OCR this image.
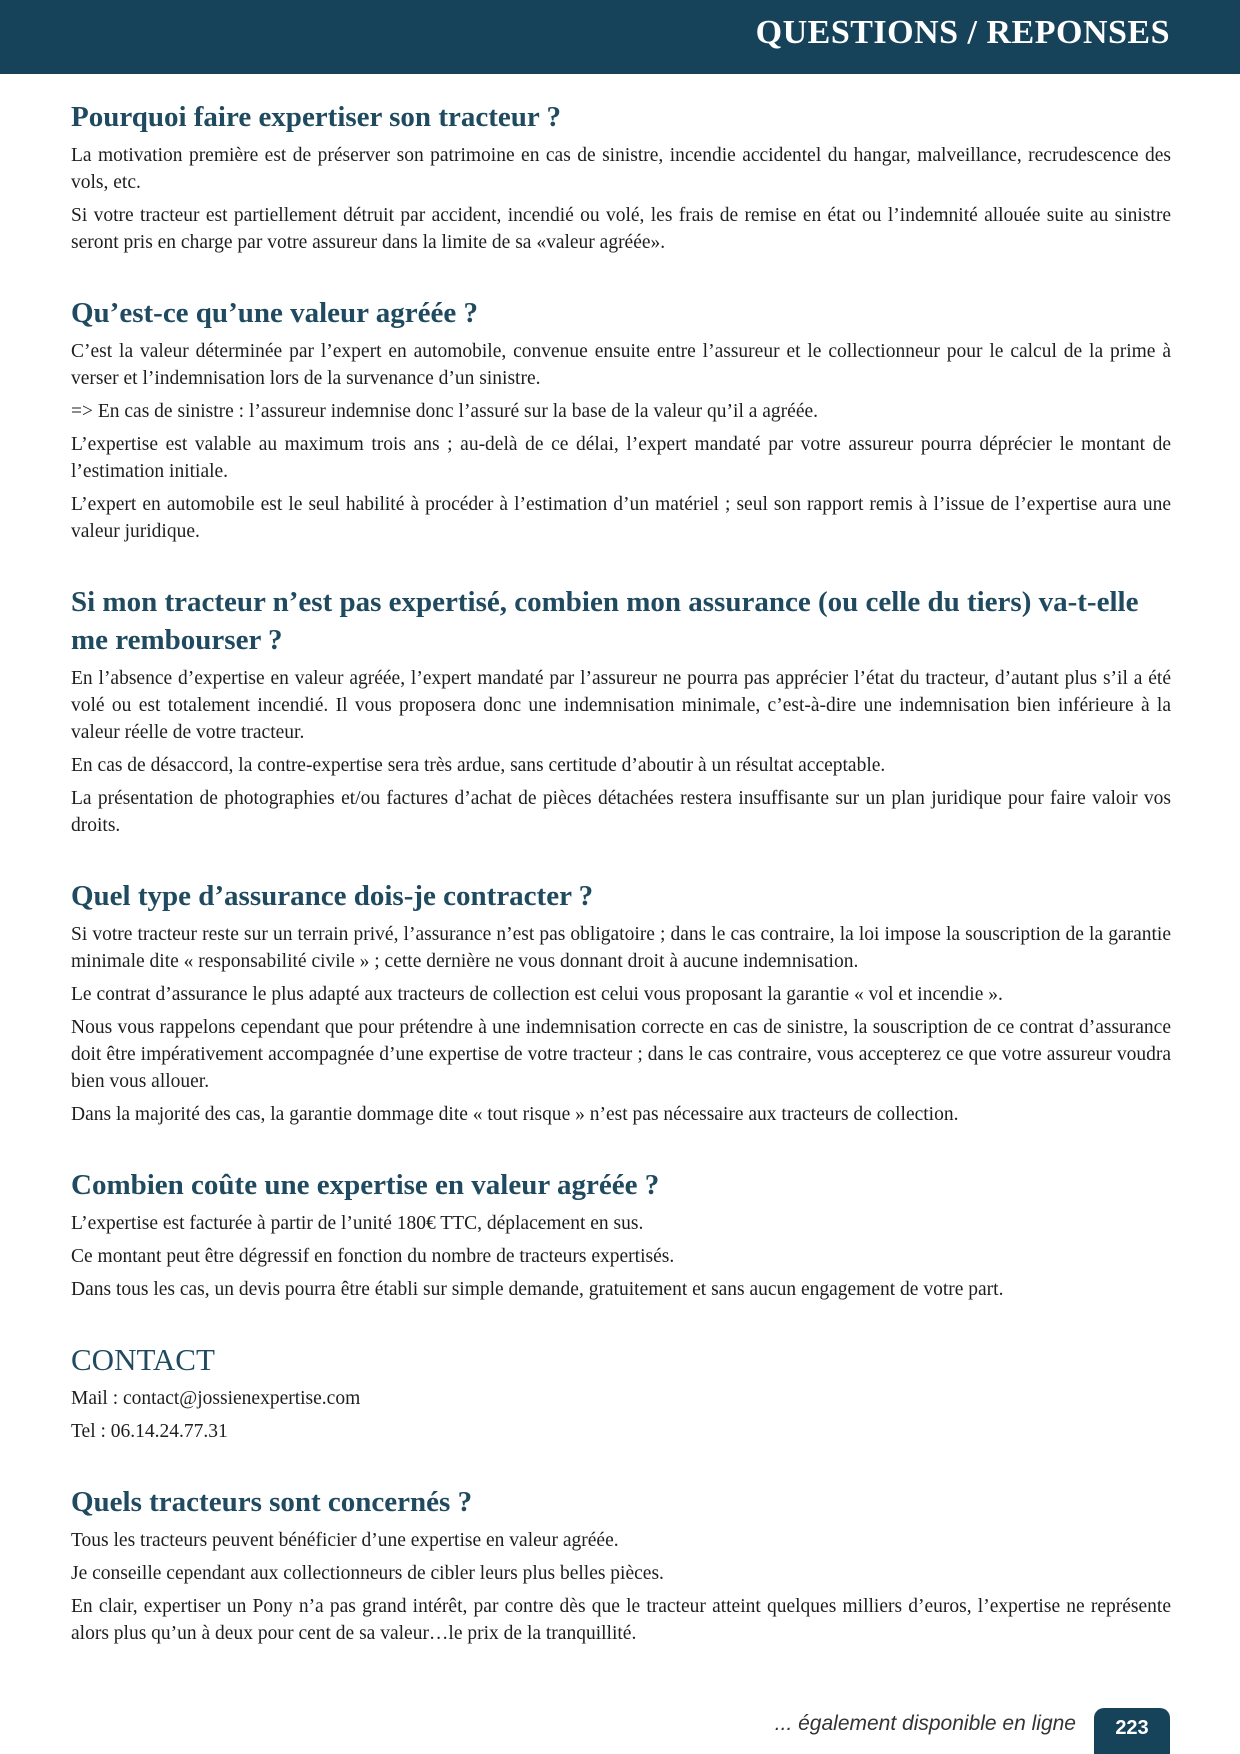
QUESTIONS / REPONSES
Pourquoi faire expertiser son tracteur ?

La motivation première est de préserver son patrimoine en cas de sinistre, incendie accidentel du hangar, malveillance, recrudescence des vols, etc.

Si votre tracteur est partiellement détruit par accident, incendié ou volé, les frais de remise en état ou l’indemnité allouée suite au sinistre seront pris en charge par votre assureur dans la limite de sa «valeur agréée».

Qu’est-ce qu’une valeur agréée ?

C’est la valeur déterminée par l’expert en automobile, convenue ensuite entre l’assureur et le collectionneur pour le calcul de la prime à verser et l’indemnisation lors de la survenance d’un sinistre.

=> En cas de sinistre : l’assureur indemnise donc l’assuré sur la base de la valeur qu’il a agréée.

L’expertise est valable au maximum trois ans ; au-delà de ce délai, l’expert mandaté par votre assureur pourra déprécier le montant de l’estimation initiale.

L’expert en automobile est le seul habilité à procéder à l’estimation d’un matériel ; seul son rapport remis à l’issue de l’expertise aura une valeur juridique.

Si mon tracteur n’est pas expertisé, combien mon assurance (ou celle du tiers) va-t-elle me rembourser ?

En l’absence d’expertise en valeur agréée, l’expert mandaté par l’assureur ne pourra pas apprécier l’état du tracteur, d’autant plus s’il a été volé ou est totalement incendié. Il vous proposera donc une indemnisation minimale, c’est-à-dire une indemnisation bien inférieure à la valeur réelle de votre tracteur.

En cas de désaccord, la contre-expertise sera très ardue, sans certitude d’aboutir à un résultat acceptable.

La présentation de photographies et/ou factures d’achat de pièces détachées restera insuffisante sur un plan juridique pour faire valoir vos droits.

Quel type d’assurance dois-je contracter ?

Si votre tracteur reste sur un terrain privé, l’assurance n’est pas obligatoire ; dans le cas contraire, la loi impose la souscription de la garantie minimale dite « responsabilité civile » ; cette dernière ne vous donnant droit à aucune indemnisation.

Le contrat d’assurance le plus adapté aux tracteurs de collection est celui vous proposant la garantie « vol et incendie ».

Nous vous rappelons cependant que pour prétendre à une indemnisation correcte en cas de sinistre, la souscription de ce contrat d’assurance doit être impérativement accompagnée d’une expertise de votre tracteur ; dans le cas contraire, vous accepterez ce que votre assureur voudra bien vous allouer.

Dans la majorité des cas, la garantie dommage dite « tout risque » n’est pas nécessaire aux tracteurs de collection.

Combien coûte une expertise en valeur agréée ?

L’expertise est facturée à partir de l’unité 180€ TTC, déplacement en sus.

Ce montant peut être dégressif en fonction du nombre de tracteurs expertisés.

Dans tous les cas, un devis pourra être établi sur simple demande, gratuitement et sans aucun engagement de votre part.

CONTACT

Mail : contact@jossienexpertise.com

Tel : 06.14.24.77.31

Quels tracteurs sont concernés ?

Tous les tracteurs peuvent bénéficier d’une expertise en valeur agréée.

Je conseille cependant aux collectionneurs de cibler leurs plus belles pièces.

En clair, expertiser un Pony n’a pas grand intérêt, par contre dès que le tracteur atteint quelques milliers d’euros, l’expertise ne représente alors plus qu’un à deux pour cent de sa valeur…le prix de la tranquillité.

... également disponible en ligne	223
